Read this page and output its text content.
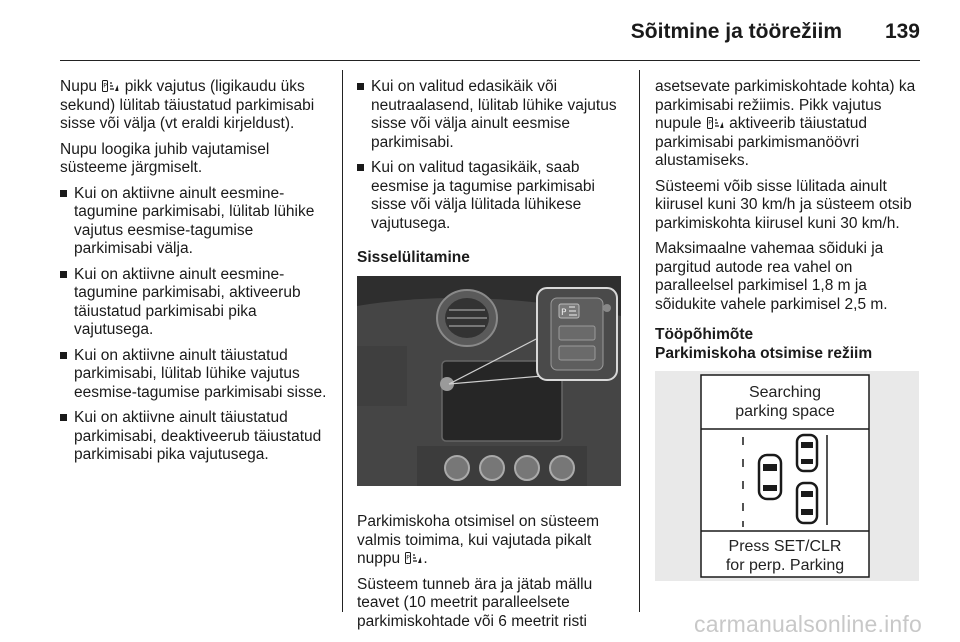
Sõitmine ja töörežiim 139

Nupu P pikk vajutus (ligikaudu üks sekund) lülitab täiustatud parkimisabi sisse või välja (vt eraldi kirjeldust).

Nupu loogika juhib vajutamisel süsteeme järgmiselt.

Kui on aktiivne ainult eesmine-tagumine parkimisabi, lülitab lühike vajutus eesmise-tagumise parkimisabi välja.
Kui on aktiivne ainult eesmine-tagumine parkimisabi, aktiveerub täiustatud parkimisabi pika vajutusega.
Kui on aktiivne ainult täiustatud parkimisabi, lülitab lühike vajutus eesmise-tagumise parkimisabi sisse.
Kui on aktiivne ainult täiustatud parkimisabi, deaktiveerub täiustatud parkimisabi pika vajutusega.
Kui on valitud edasikäik või neutraalasend, lülitab lühike vajutus sisse või välja ainult eesmise parkimisabi.
Kui on valitud tagasikäik, saab eesmise ja tagumise parkimisabi sisse või välja lülitada lühikese vajutusega.

Sisselülitamine

P

Parkimiskoha otsimisel on süsteem valmis toimima, kui vajutada pikalt nuppu P .

Süsteem tunneb ära ja jätab mällu teavet (10 meetrit paralleelsete parkimiskohtade või 6 meetrit risti

asetsevate parkimiskohtade kohta) ka parkimisabi režiimis. Pikk vajutus nupule P aktiveerib täiustatud parkimisabi parkimismanöövri alustamiseks.

Süsteemi võib sisse lülitada ainult kiirusel kuni 30 km/h ja süsteem otsib parkimiskohta kiirusel kuni 30 km/h.

Maksimaalne vahemaa sõiduki ja pargitud autode rea vahel on paralleelsel parkimisel 1,8 m ja sõidukite vahele parkimisel 2,5 m.

Tööpõhimõte

Parkimiskoha otsimise režiim

Searching
parking space
Press SET/CLR
for perp. Parking
carmanualsonline.info
